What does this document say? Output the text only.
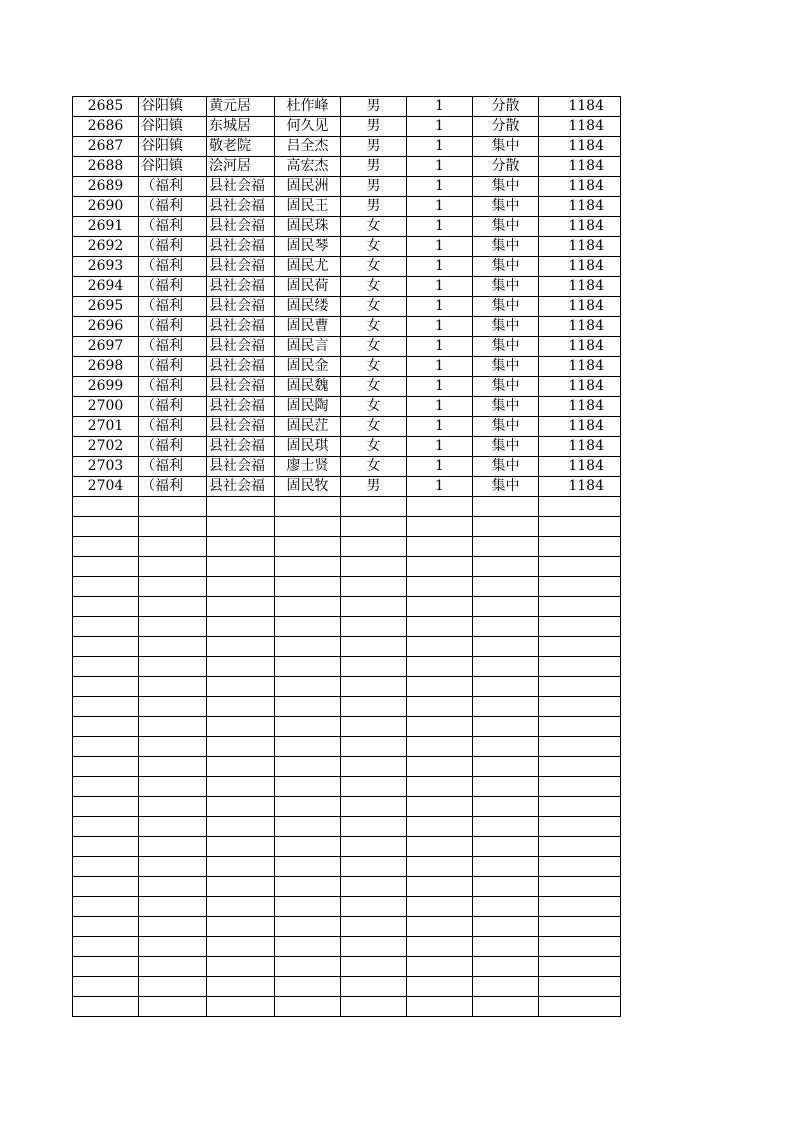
2685	谷阳镇	黄元居	杜作峰	男	1	分散	1184
2686	谷阳镇	东城居	何久见	男	1	分散	1184
2687	谷阳镇	敬老院	吕全杰	男	1	集中	1184
2688	谷阳镇	浍河居	高宏杰	男	1	分散	1184
2689	（福利	县社会福	固民洲	男	1	集中	1184
2690	（福利	县社会福	固民王	男	1	集中	1184
2691	（福利	县社会福	固民珠	女	1	集中	1184
2692	（福利	县社会福	固民琴	女	1	集中	1184
2693	（福利	县社会福	固民尤	女	1	集中	1184
2694	（福利	县社会福	固民荷	女	1	集中	1184
2695	（福利	县社会福	固民缕	女	1	集中	1184
2696	（福利	县社会福	固民曹	女	1	集中	1184
2697	（福利	县社会福	固民言	女	1	集中	1184
2698	（福利	县社会福	固民金	女	1	集中	1184
2699	（福利	县社会福	固民魏	女	1	集中	1184
2700	（福利	县社会福	固民陶	女	1	集中	1184
2701	（福利	县社会福	固民茳	女	1	集中	1184
2702	（福利	县社会福	固民琪	女	1	集中	1184
2703	（福利	县社会福	廖士贤	女	1	集中	1184
2704	（福利	县社会福	固民牧	男	1	集中	1184
